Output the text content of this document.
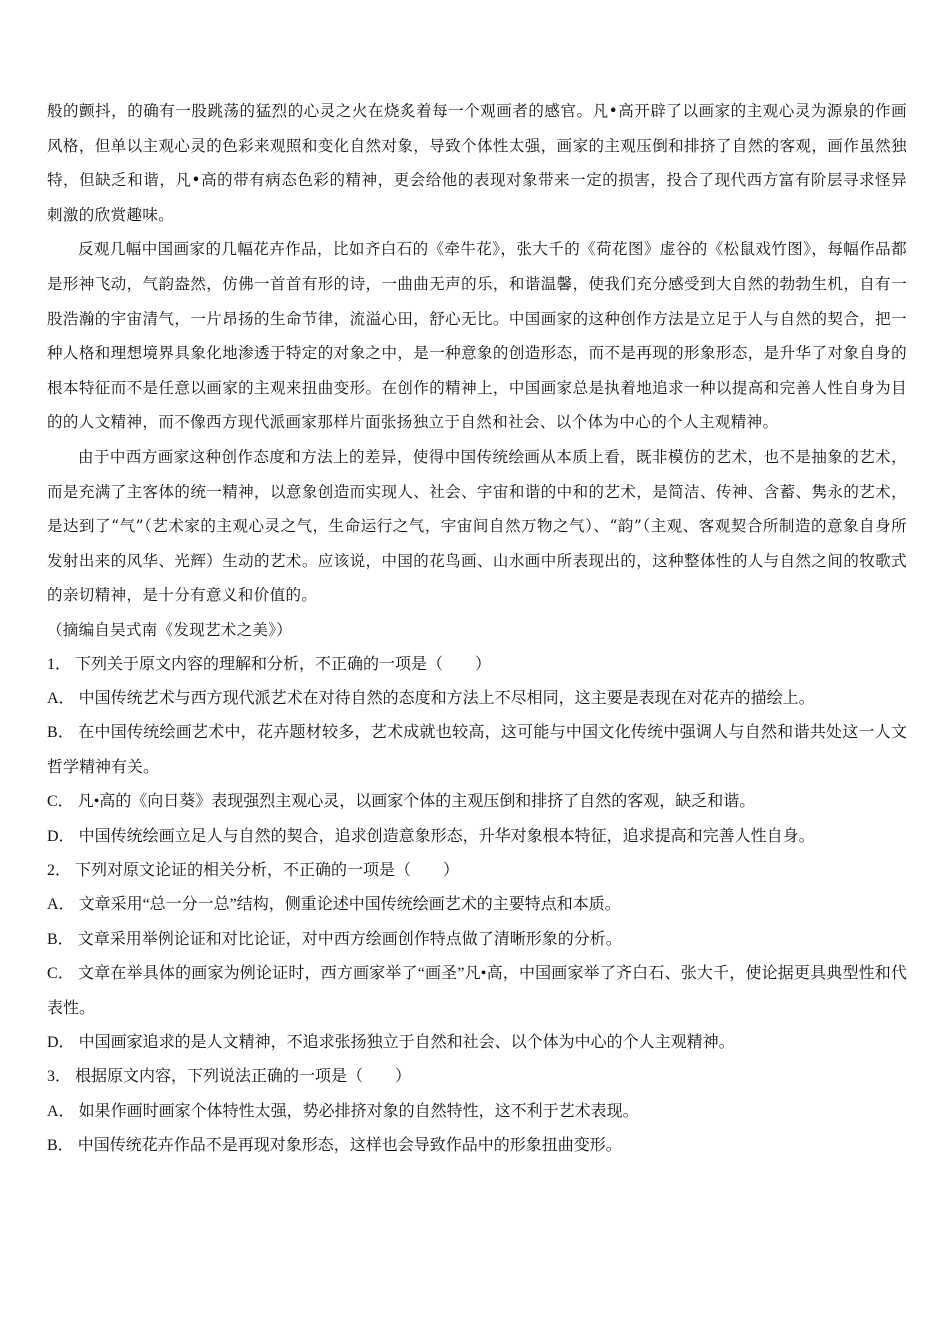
般的颤抖，的确有一股跳荡的猛烈的心灵之火在烧炙着每一个观画者的感官。凡•高开辟了以画家的主观心灵为源泉的作画风格，但单以主观心灵的色彩来观照和变化自然对象，导致个体性太强，画家的主观压倒和排挤了自然的客观，画作虽然独特，但缺乏和谐，凡•高的带有病态色彩的精神，更会给他的表现对象带来一定的损害，投合了现代西方富有阶层寻求怪异刺激的欣赏趣味。

反观几幅中国画家的几幅花卉作品，比如齐白石的《牵牛花》，张大千的《荷花图》虚谷的《松鼠戏竹图》，每幅作品都是形神飞动，气韵盎然，仿佛一首首有形的诗，一曲曲无声的乐，和谐温馨，使我们充分感受到大自然的勃勃生机，自有一股浩瀚的宇宙清气，一片昂扬的生命节律，流溢心田，舒心无比。中国画家的这种创作方法是立足于人与自然的契合，把一种人格和理想境界具象化地渗透于特定的对象之中，是一种意象的创造形态，而不是再现的形象形态，是升华了对象自身的根本特征而不是任意以画家的主观来扭曲变形。在创作的精神上，中国画家总是执着地追求一种以提高和完善人性自身为目的的人文精神，而不像西方现代派画家那样片面张扬独立于自然和社会、以个体为中心的个人主观精神。

由于中西方画家这种创作态度和方法上的差异，使得中国传统绘画从本质上看，既非模仿的艺术，也不是抽象的艺术，而是充满了主客体的统一精神，以意象创造而实现人、社会、宇宙和谐的中和的艺术，是简洁、传神、含蓄、隽永的艺术，是达到了“气”（艺术家的主观心灵之气，生命运行之气，宇宙间自然万物之气）、“韵”（主观、客观契合所制造的意象自身所发射出来的风华、光辉）生动的艺术。应该说，中国的花鸟画、山水画中所表现出的，这种整体性的人与自然之间的牧歌式的亲切精神，是十分有意义和价值的。

（摘编自吴式南《发现艺术之美》）

1． 下列关于原文内容的理解和分析，不正确的一项是（　　）

A． 中国传统艺术与西方现代派艺术在对待自然的态度和方法上不尽相同，这主要是表现在对花卉的描绘上。

B． 在中国传统绘画艺术中，花卉题材较多，艺术成就也较高，这可能与中国文化传统中强调人与自然和谐共处这一人文哲学精神有关。

C． 凡•高的《向日葵》表现强烈主观心灵，以画家个体的主观压倒和排挤了自然的客观，缺乏和谐。

D． 中国传统绘画立足人与自然的契合，追求创造意象形态，升华对象根本特征，追求提高和完善人性自身。

2． 下列对原文论证的相关分析，不正确的一项是（　　）

A． 文章采用“总一分一总”结构，侧重论述中国传统绘画艺术的主要特点和本质。

B． 文章采用举例论证和对比论证，对中西方绘画创作特点做了清晰形象的分析。

C． 文章在举具体的画家为例论证时，西方画家举了“画圣”凡•高，中国画家举了齐白石、张大千，使论据更具典型性和代表性。

D． 中国画家追求的是人文精神，不追求张扬独立于自然和社会、以个体为中心的个人主观精神。

3． 根据原文内容，下列说法正确的一项是（　　）

A． 如果作画时画家个体特性太强，势必排挤对象的自然特性，这不利于艺术表现。

B． 中国传统花卉作品不是再现对象形态，这样也会导致作品中的形象扭曲变形。
